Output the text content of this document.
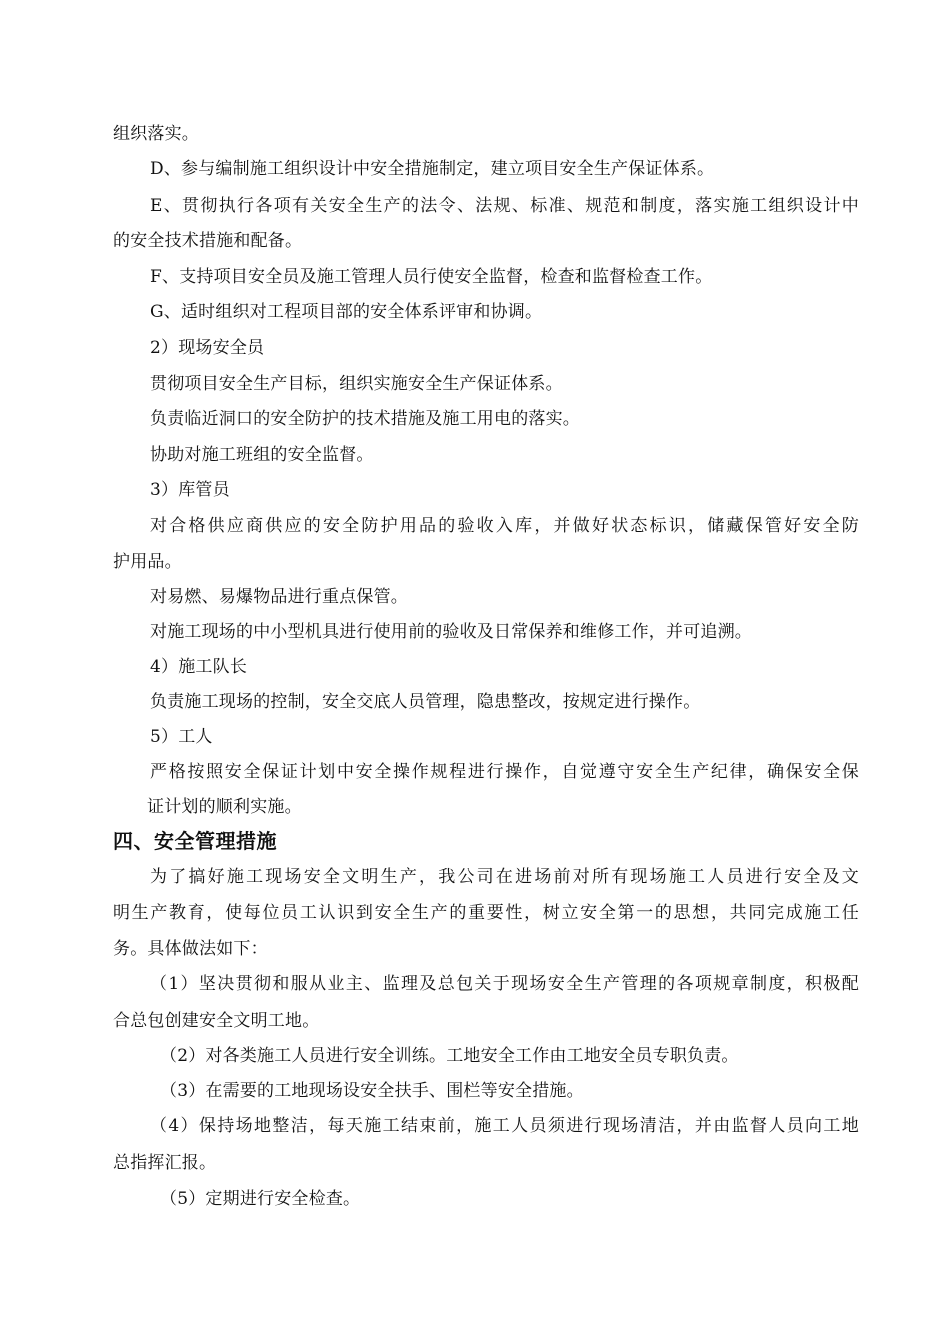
组织落实。
D、参与编制施工组织设计中安全措施制定，建立项目安全生产保证体系。
E、贯彻执行各项有关安全生产的法令、法规、标准、规范和制度，落实施工组织设计中
的安全技术措施和配备。
F、支持项目安全员及施工管理人员行使安全监督，检查和监督检查工作。
G、适时组织对工程项目部的安全体系评审和协调。
2）现场安全员
贯彻项目安全生产目标，组织实施安全生产保证体系。
负责临近洞口的安全防护的技术措施及施工用电的落实。
协助对施工班组的安全监督。
3）库管员
对合格供应商供应的安全防护用品的验收入库，并做好状态标识，储藏保管好安全防
护用品。
对易燃、易爆物品进行重点保管。
对施工现场的中小型机具进行使用前的验收及日常保养和维修工作，并可追溯。
4）施工队长
负责施工现场的控制，安全交底人员管理，隐患整改，按规定进行操作。
5）工人
严格按照安全保证计划中安全操作规程进行操作，自觉遵守安全生产纪律，确保安全保
证计划的顺利实施。
四、安全管理措施
为了搞好施工现场安全文明生产，我公司在进场前对所有现场施工人员进行安全及文
明生产教育，使每位员工认识到安全生产的重要性，树立安全第一的思想，共同完成施工任
务。具体做法如下：
（1）坚决贯彻和服从业主、监理及总包关于现场安全生产管理的各项规章制度，积极配
合总包创建安全文明工地。
（2）对各类施工人员进行安全训练。工地安全工作由工地安全员专职负责。
（3）在需要的工地现场设安全扶手、围栏等安全措施。
（4）保持场地整洁，每天施工结束前，施工人员须进行现场清洁，并由监督人员向工地
总指挥汇报。
（5）定期进行安全检查。
